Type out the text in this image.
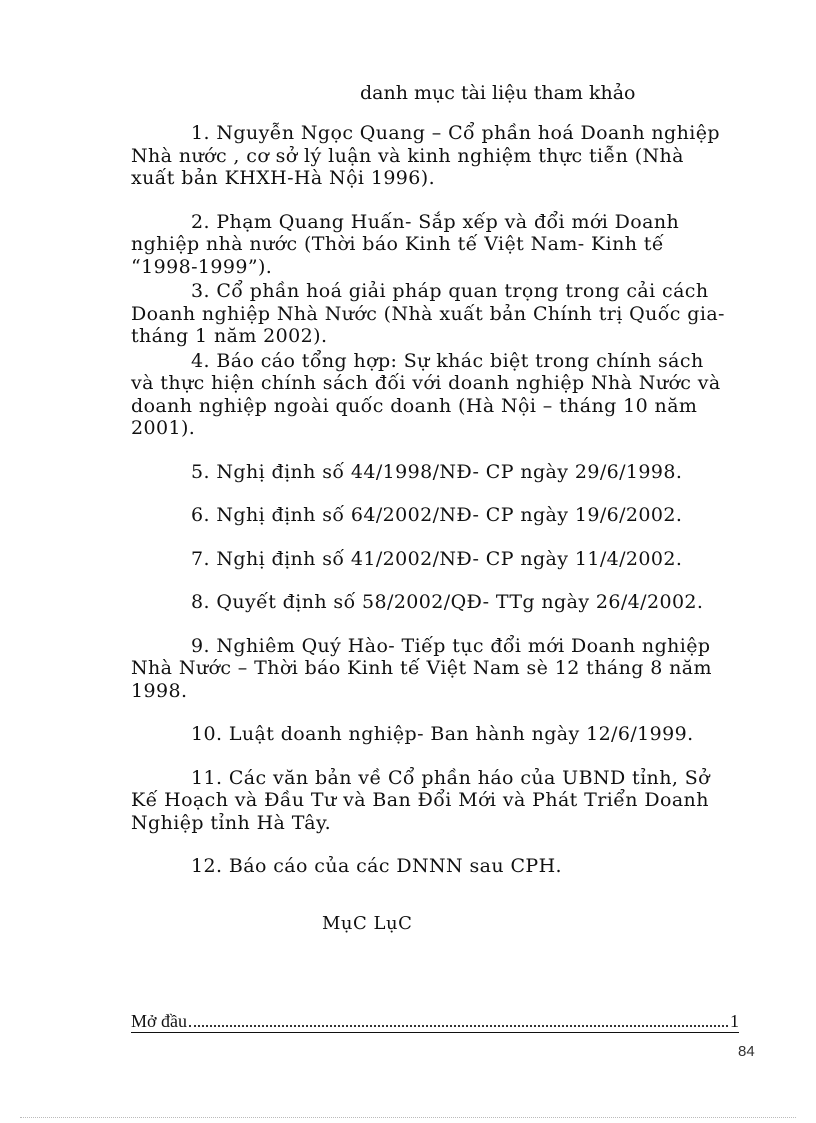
danh mục tài liệu tham khảo

1. Nguyễn Ngọc Quang – Cổ phần hoá Doanh nghiệp Nhà nước , cơ sở lý luận và kinh nghiệm thực tiễn (Nhà xuất bản KHXH-Hà Nội 1996).

2. Phạm Quang Huấn- Sắp xếp và đổi mới Doanh nghiệp nhà nước (Thời báo Kinh tế Việt Nam- Kinh tế “1998-1999”).

3. Cổ phần hoá giải pháp quan trọng trong cải cách Doanh nghiệp Nhà Nước (Nhà xuất bản Chính trị Quốc gia- tháng 1 năm 2002).

4. Báo cáo tổng hợp: Sự khác biệt trong chính sách và thực hiện chính sách đối với doanh nghiệp Nhà Nước và doanh nghiệp ngoài quốc doanh (Hà Nội – tháng 10 năm 2001).

5. Nghị định số 44/1998/NĐ- CP ngày 29/6/1998.

6. Nghị định số 64/2002/NĐ- CP ngày 19/6/2002.

7. Nghị định số 41/2002/NĐ- CP ngày 11/4/2002.

8. Quyết định số 58/2002/QĐ- TTg ngày 26/4/2002.

9. Nghiêm Quý Hào- Tiếp tục đổi mới Doanh nghiệp Nhà Nước – Thời báo Kinh tế Việt Nam sè 12 tháng 8 năm 1998.

10. Luật doanh nghiệp- Ban hành ngày 12/6/1999.

11. Các văn bản về Cổ phần háo của UBND tỉnh, Sở Kế Hoạch và Đầu Tư và Ban Đổi Mới và Phát Triển Doanh Nghiệp tỉnh Hà Tây.

12. Báo cáo của các DNNN sau CPH.

MụC LụC
Mở đầu	1
84
